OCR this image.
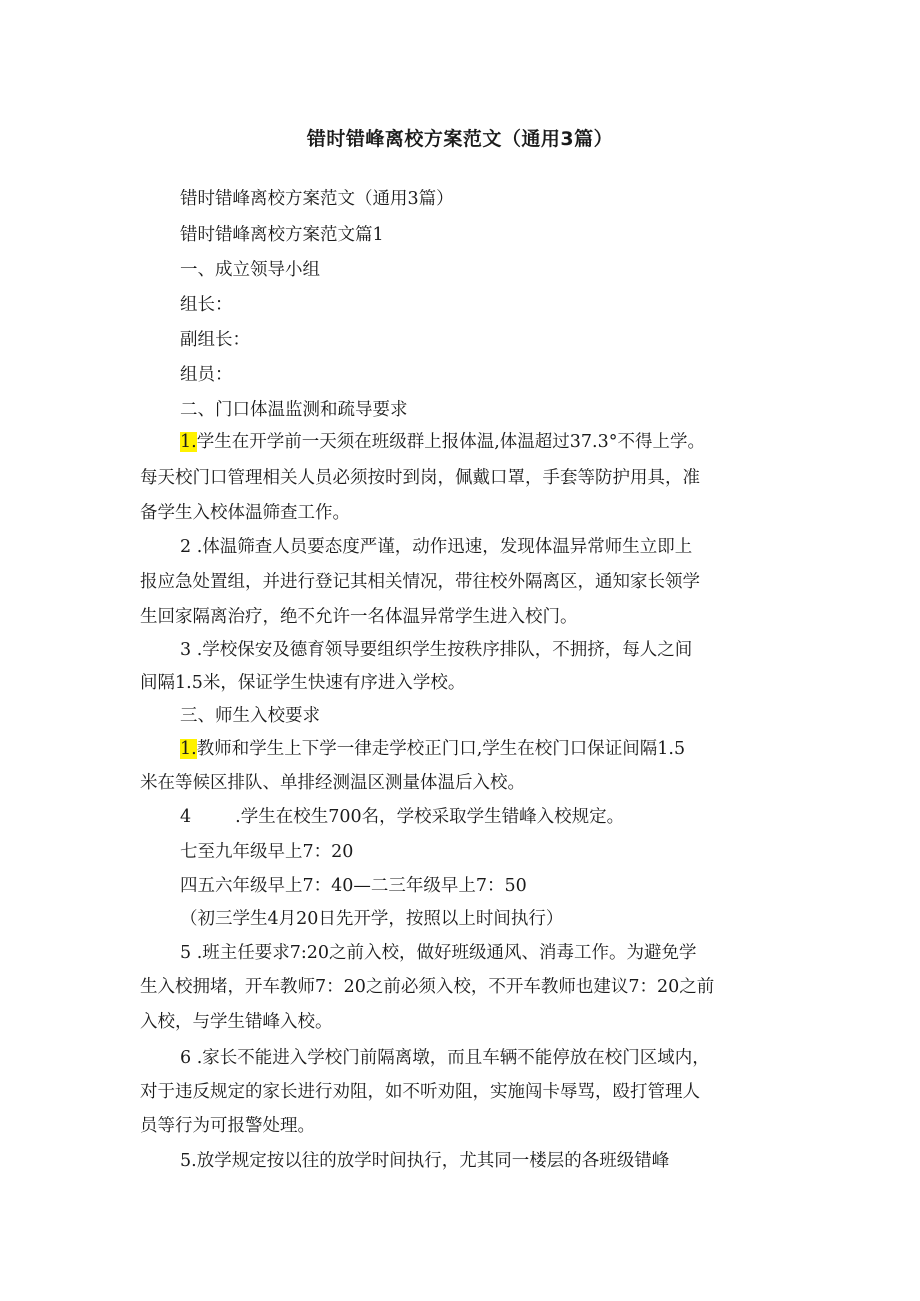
错时错峰离校方案范文（通用3篇）
错时错峰离校方案范文（通用3篇）
错时错峰离校方案范文篇1
一、成立领导小组
组长：
副组长：
组员：
二、门口体温监测和疏导要求
1.学生在开学前一天须在班级群上报体温,体温超过37.3°不得上学。
每天校门口管理相关人员必须按时到岗，佩戴口罩，手套等防护用具，准
备学生入校体温筛查工作。
2 .体温筛查人员要态度严谨，动作迅速，发现体温异常师生立即上
报应急处置组，并进行登记其相关情况，带往校外隔离区，通知家长领学
生回家隔离治疗，绝不允许一名体温异常学生进入校门。
3 .学校保安及德育领导要组织学生按秩序排队，不拥挤，每人之间
间隔1.5米，保证学生快速有序进入学校。
三、师生入校要求
1.教师和学生上下学一律走学校正门口,学生在校门口保证间隔1.5
米在等候区排队、单排经测温区测量体温后入校。
4	.学生在校生700名，学校采取学生错峰入校规定。
七至九年级早上7：20
四五六年级早上7：40—二三年级早上7：50
（初三学生4月20日先开学，按照以上时间执行）
5 .班主任要求7:20之前入校，做好班级通风、消毒工作。为避免学
生入校拥堵，开车教师7：20之前必须入校，不开车教师也建议7：20之前
入校，与学生错峰入校。
6 .家长不能进入学校门前隔离墩，而且车辆不能停放在校门区域内，
对于违反规定的家长进行劝阻，如不听劝阻，实施闯卡辱骂，殴打管理人
员等行为可报警处理。
5.放学规定按以往的放学时间执行，尤其同一楼层的各班级错峰
